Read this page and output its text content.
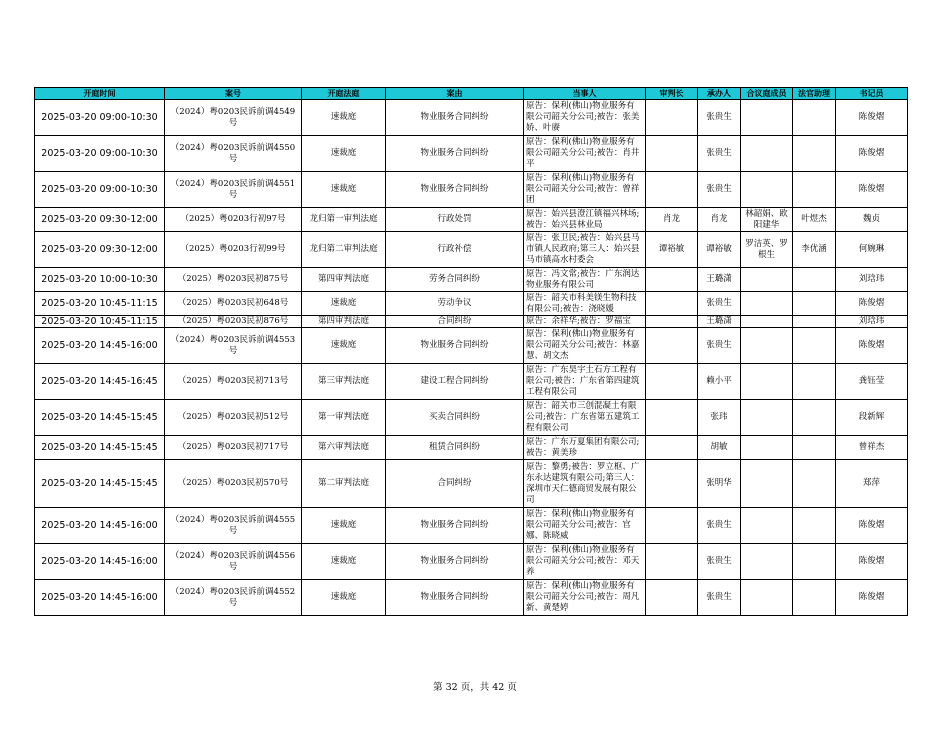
开庭时间	案号	开庭法庭	案由	当事人	审判长	承办人	合议庭成员	法官助理	书记员
2025-03-20 09:00-10:30	（2024）粤0203民诉前调4549号	速裁庭	物业服务合同纠纷	原告：保利(佛山)物业服务有限公司韶关分公司;被告：张美娇、叶赓		张贵生			陈俊熠
2025-03-20 09:00-10:30	（2024）粤0203民诉前调4550号	速裁庭	物业服务合同纠纷	原告：保利(佛山)物业服务有限公司韶关分公司;被告：肖井平		张贵生			陈俊熠
2025-03-20 09:00-10:30	（2024）粤0203民诉前调4551号	速裁庭	物业服务合同纠纷	原告：保利(佛山)物业服务有限公司韶关分公司;被告：曾祥团		张贵生			陈俊熠
2025-03-20 09:30-12:00	（2025）粤0203行初97号	龙归第一审判法庭	行政处罚	原告：始兴县澄江镇福兴林场;被告：始兴县林业局	肖龙	肖龙	林韶娟、欧阳建华	叶煜杰	魏贞
2025-03-20 09:30-12:00	（2025）粤0203行初99号	龙归第二审判法庭	行政补偿	原告：张卫民;被告：始兴县马市镇人民政府;第三人：始兴县马市镇高水村委会	谭裕敏	谭裕敏	罗洁英、罗根生	李优涵	何婉琳
2025-03-20 10:00-10:30	（2025）粤0203民初875号	第四审判法庭	劳务合同纠纷	原告：冯文常;被告：广东润达物业服务有限公司		王璐潇			刘琀玮
2025-03-20 10:45-11:15	（2025）粤0203民初648号	速裁庭	劳动争议	原告：韶关市科美镁生物科技有限公司;被告：浇晓媛		张贵生			陈俊熠
2025-03-20 10:45-11:15	（2025）粤0203民初876号	第四审判法庭	合同纠纷	原告：余祥华;被告：罗福宝		王璐潇			刘琀玮
2025-03-20 14:45-16:00	（2024）粤0203民诉前调4553号	速裁庭	物业服务合同纠纷	原告：保利(佛山)物业服务有限公司韶关分公司;被告：林嘉慧、胡文杰		张贵生			陈俊熠
2025-03-20 14:45-16:45	（2025）粤0203民初713号	第三审判法庭	建设工程合同纠纷	原告：广东昊宇土石方工程有限公司;被告：广东省第四建筑工程有限公司		赖小平			龚钰莹
2025-03-20 14:45-15:45	（2025）粤0203民初512号	第一审判法庭	买卖合同纠纷	原告：韶关市三创混凝土有限公司;被告：广东省第五建筑工程有限公司		张玮			段新辉
2025-03-20 14:45-15:45	（2025）粤0203民初717号	第六审判法庭	租赁合同纠纷	原告：广东万夏集团有限公司;被告：黄美珍		胡敏			曾祥杰
2025-03-20 14:45-15:45	（2025）粤0203民初570号	第二审判法庭	合同纠纷	原告：黎勇;被告：罗立枢、广东永达建筑有限公司;第三人：深圳市天仁德商贸发展有限公司		张明华			郑萍
2025-03-20 14:45-16:00	（2024）粤0203民诉前调4555号	速裁庭	物业服务合同纠纷	原告：保利(佛山)物业服务有限公司韶关分公司;被告：官娜、陈晓威		张贵生			陈俊熠
2025-03-20 14:45-16:00	（2024）粤0203民诉前调4556号	速裁庭	物业服务合同纠纷	原告：保利(佛山)物业服务有限公司韶关分公司;被告：邓天养		张贵生			陈俊熠
2025-03-20 14:45-16:00	（2024）粤0203民诉前调4552号	速裁庭	物业服务合同纠纷	原告：保利(佛山)物业服务有限公司韶关分公司;被告：周凡新、黄楚婷		张贵生			陈俊熠
第 32 页，共 42 页
